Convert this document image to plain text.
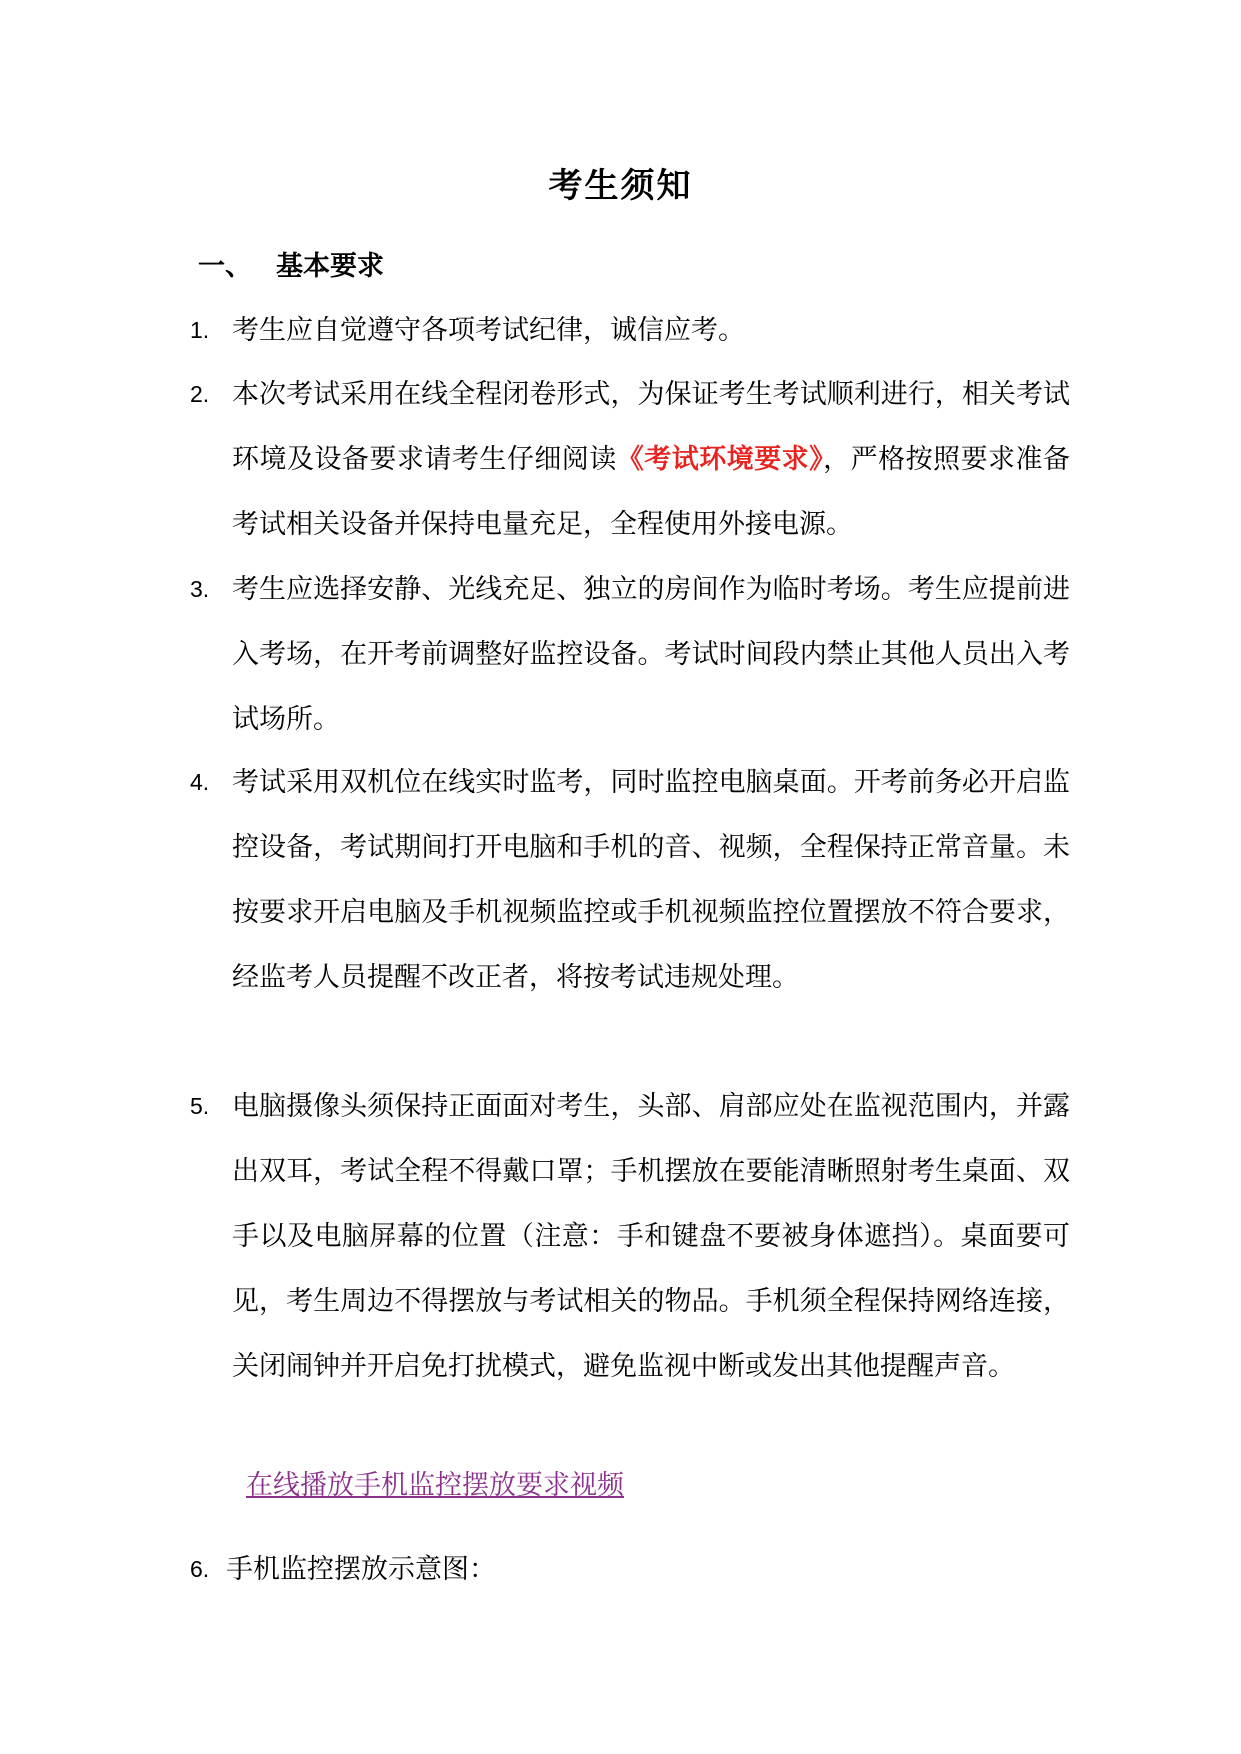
考生须知
一、 基本要求
1. 考生应自觉遵守各项考试纪律，诚信应考。
2. 本次考试采用在线全程闭卷形式，为保证考生考试顺利进行，相关考试环境及设备要求请考生仔细阅读《考试环境要求》，严格按照要求准备考试相关设备并保持电量充足，全程使用外接电源。
3. 考生应选择安静、光线充足、独立的房间作为临时考场。考生应提前进入考场，在开考前调整好监控设备。考试时间段内禁止其他人员出入考试场所。
4. 考试采用双机位在线实时监考，同时监控电脑桌面。开考前务必开启监控设备，考试期间打开电脑和手机的音、视频，全程保持正常音量。未按要求开启电脑及手机视频监控或手机视频监控位置摆放不符合要求，经监考人员提醒不改正者，将按考试违规处理。
5. 电脑摄像头须保持正面面对考生，头部、肩部应处在监视范围内，并露出双耳，考试全程不得戴口罩；手机摆放在要能清晰照射考生桌面、双手以及电脑屏幕的位置（注意：手和键盘不要被身体遮挡）。桌面要可见，考生周边不得摆放与考试相关的物品。手机须全程保持网络连接，关闭闹钟并开启免打扰模式，避免监视中断或发出其他提醒声音。
在线播放手机监控摆放要求视频
6. 手机监控摆放示意图：
